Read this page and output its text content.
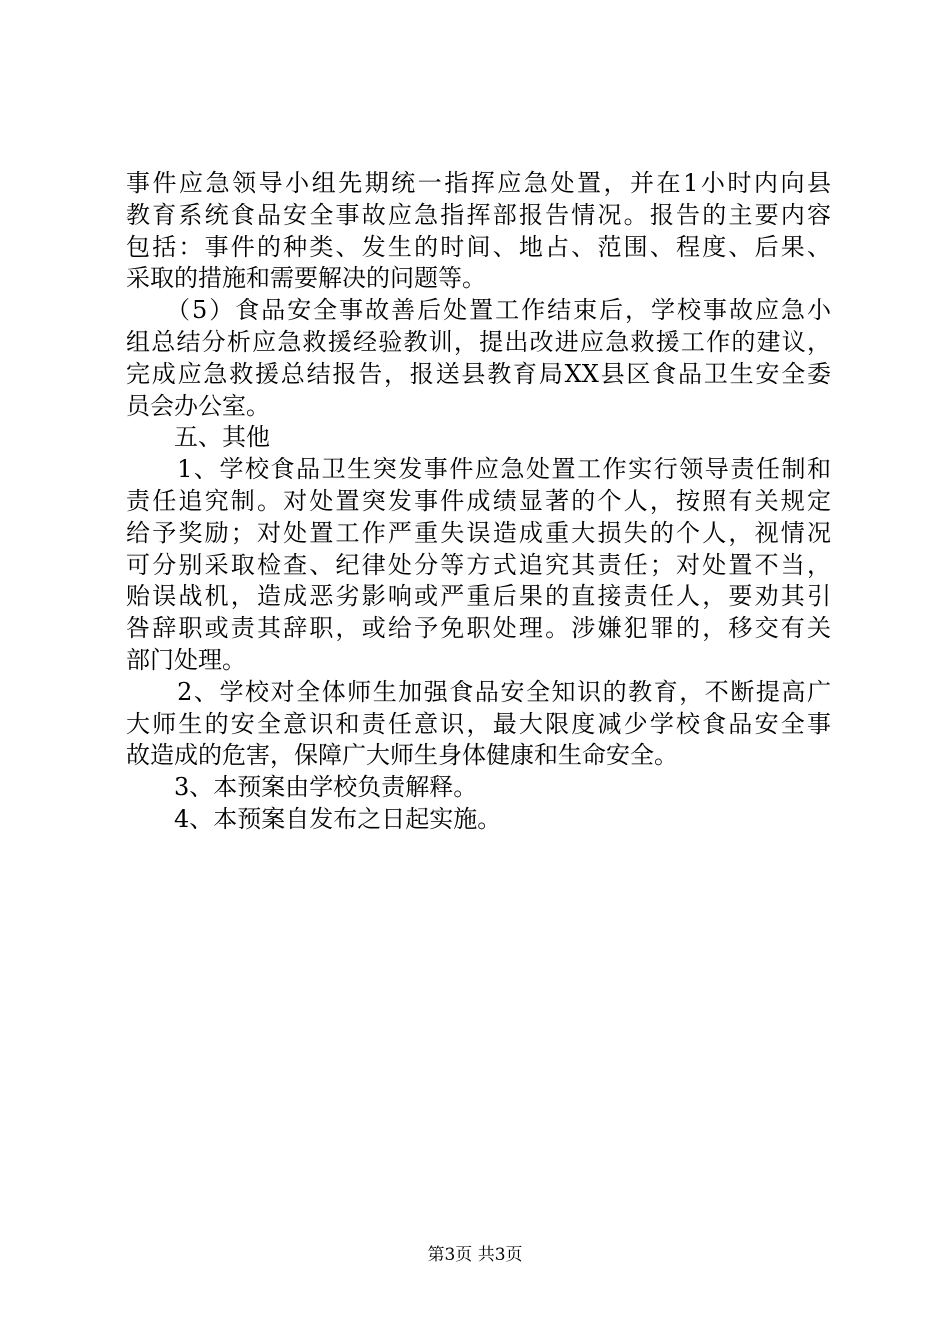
事件应急领导小组先期统一指挥应急处置，并在1小时内向县
教育系统食品安全事故应急指挥部报告情况。报告的主要内容
包括：事件的种类、发生的时间、地占、范围、程度、后果、
采取的措施和需要解决的问题等。
　　（5）食品安全事故善后处置工作结束后，学校事故应急小
组总结分析应急救援经验教训，提出改进应急救援工作的建议，
完成应急救援总结报告，报送县教育局XX县区食品卫生安全委
员会办公室。
　　五、其他
　　1、学校食品卫生突发事件应急处置工作实行领导责任制和
责任追究制。对处置突发事件成绩显著的个人，按照有关规定
给予奖励；对处置工作严重失误造成重大损失的个人，视情况
可分别采取检查、纪律处分等方式追究其责任；对处置不当，
贻误战机，造成恶劣影响或严重后果的直接责任人，要劝其引
咎辞职或责其辞职，或给予免职处理。涉嫌犯罪的，移交有关
部门处理。
　　2、学校对全体师生加强食品安全知识的教育，不断提高广
大师生的安全意识和责任意识，最大限度减少学校食品安全事
故造成的危害，保障广大师生身体健康和生命安全。
　　3、本预案由学校负责解释。
　　4、本预案自发布之日起实施。
第3页 共3页
